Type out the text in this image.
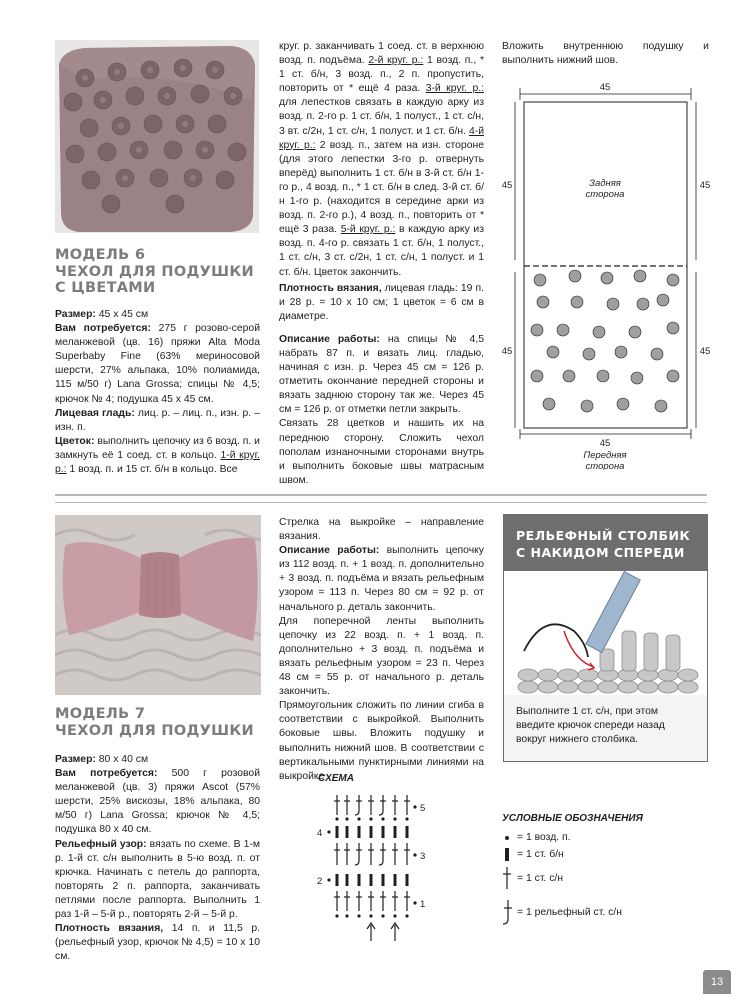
МОДЕЛЬ 6
ЧЕХОЛ ДЛЯ ПОДУШКИ
С ЦВЕТАМИ

Размер: 45 х 45 см

Вам потребуется: 275 г розово-серой меланжевой (цв. 16) пряжи Alta Moda Superbaby Fine (63% мериносовой шерсти, 27% альпака, 10% полиамида, 115 м/50 г) Lana Grossa; спицы № 4,5; крючок № 4; подушка 45 х 45 см.

Лицевая гладь: лиц. р. – лиц. п., изн. р. – изн. п.

Цветок: выполнить цепочку из 6 возд. п. и замкнуть её 1 соед. ст. в кольцо. 1-й круг. р.: 1 возд. п. и 15 ст. б/н в кольцо. Все

круг. р. заканчивать 1 соед. ст. в верхнюю возд. п. подъёма. 2-й круг. р.: 1 возд. п., * 1 ст. б/н, 3 возд. п., 2 п. пропустить, повторить от * ещё 4 раза. 3-й круг. р.: для лепестков связать в каждую арку из возд. п. 2-го р. 1 ст. б/н, 1 полуст., 1 ст. с/н, 3 вт. с/2н, 1 ст. с/н, 1 полуст. и 1 ст. б/н. 4-й круг. р.: 2 возд. п., затем на изн. стороне (для этого лепестки 3-го р. отвернуть вперёд) выполнить 1 ст. б/н в 3-й ст. б/н 1-го р., 4 возд. п., * 1 ст. б/н в след. 3-й ст. б/н 1-го р. (находится в середине арки из возд. п. 2-го р.), 4 возд. п., повторить от * ещё 3 раза. 5-й круг. р.: в каждую арку из возд. п. 4-го р. связать 1 ст. б/н, 1 полуст., 1 ст. с/н, 3 ст. с/2н, 1 ст. с/н, 1 полуст. и 1 ст. б/н. Цветок закончить.

Плотность вязания, лицевая гладь: 19 п. и 28 р. = 10 х 10 см; 1 цветок = 6 см в диаметре.

Описание работы: на спицы № 4,5 набрать 87 п. и вязать лиц. гладью, начиная с изн. р. Через 45 см = 126 р. отметить окончание передней стороны и вязать заднюю сторону так же. Через 45 см = 126 р. от отметки петли закрыть.

Связать 28 цветков и нашить их на переднюю сторону. Сложить чехол пополам изнаночными сторонами внутрь и выполнить боковые швы матрасным швом.

Вложить внутреннюю подушку и выполнить нижний шов.

45
45	45
45	45
Задняя
сторона
45
Передняя
сторона
МОДЕЛЬ 7
ЧЕХОЛ ДЛЯ ПОДУШКИ

Размер: 80 х 40 см

Вам потребуется: 500 г розовой меланжевой (цв. 3) пряжи Ascot (57% шерсти, 25% вискозы, 18% альпака, 80 м/50 г) Lana Grossa; крючок № 4,5; подушка 80 х 40 см.

Рельефный узор: вязать по схеме. В 1-м р. 1-й ст. с/н выполнить в 5-ю возд. п. от крючка. Начинать с петель до раппорта, повторять 2 п. раппорта, заканчивать петлями после раппорта. Выполнить 1 раз 1-й – 5-й р., повторять 2-й – 5-й р.

Плотность вязания, 14 п. и 11,5 р. (рельефный узор, крючок № 4,5) = 10 х 10 см.

Стрелка на выкройке – направление вязания.

Описание работы: выполнить цепочку из 112 возд. п. + 1 возд. п. дополнительно + 3 возд. п. подъёма и вязать рельефным узором = 113 п. Через 80 см = 92 р. от начального р. деталь закончить.

Для поперечной ленты выполнить цепочку из 22 возд. п. + 1 возд. п. дополнительно + 3 возд. п. подъёма и вязать рельефным узором = 23 п. Через 48 см = 55 р. от начального р. деталь закончить.

Прямоугольник сложить по линии сгиба в соответствии с выкройкой. Выполнить боковые швы. Вложить подушку и выполнить нижний шов. В соответствии с вертикальными пунктирными линиями на выкройке

СХЕМА
5
4
3
2
1
РЕЛЬЕФНЫЙ СТОЛБИК
С НАКИДОМ СПЕРЕДИ
Выполните 1 ст. с/н, при этом введите крючок спереди назад вокруг нижнего столбика.
УСЛОВНЫЕ ОБОЗНАЧЕНИЯ
= 1 возд. п.
= 1 ст. б/н
= 1 ст. с/н
= 1 рельефный ст. с/н
13
